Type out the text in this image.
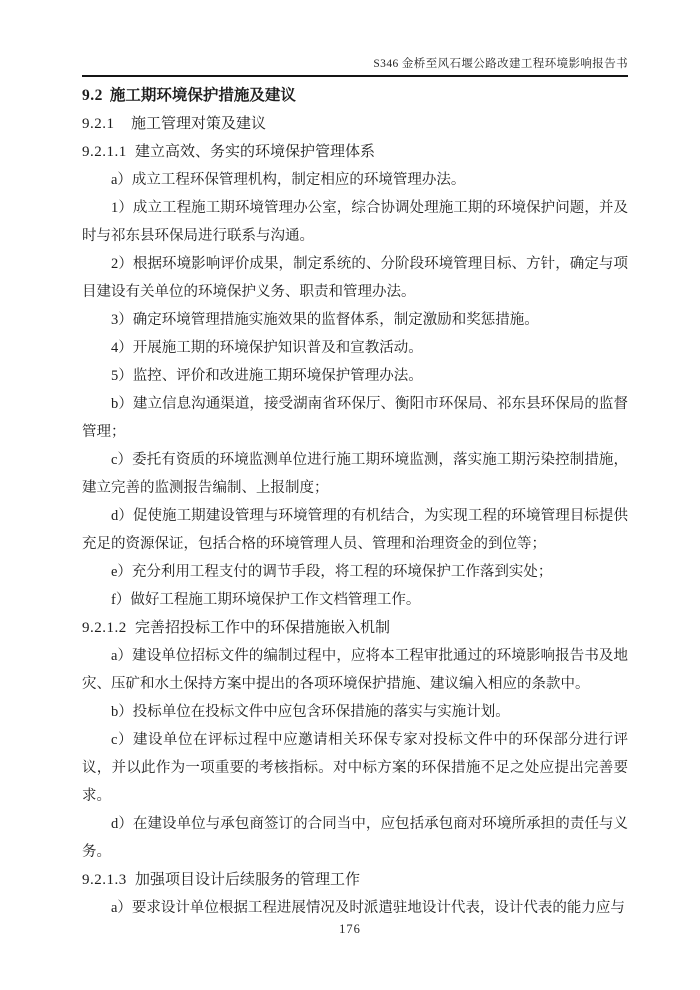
S346 金桥至风石堰公路改建工程环境影响报告书
9.2 施工期环境保护措施及建议
9.2.1 施工管理对策及建议
9.2.1.1 建立高效、务实的环境保护管理体系

a）成立工程环保管理机构，制定相应的环境管理办法。

1）成立工程施工期环境管理办公室，综合协调处理施工期的环境保护问题，并及时与祁东县环保局进行联系与沟通。

2）根据环境影响评价成果，制定系统的、分阶段环境管理目标、方针，确定与项目建设有关单位的环境保护义务、职责和管理办法。

3）确定环境管理措施实施效果的监督体系，制定激励和奖惩措施。

4）开展施工期的环境保护知识普及和宣教活动。

5）监控、评价和改进施工期环境保护管理办法。

b）建立信息沟通渠道，接受湖南省环保厅、衡阳市环保局、祁东县环保局的监督管理；

c）委托有资质的环境监测单位进行施工期环境监测，落实施工期污染控制措施，建立完善的监测报告编制、上报制度；

d）促使施工期建设管理与环境管理的有机结合，为实现工程的环境管理目标提供充足的资源保证，包括合格的环境管理人员、管理和治理资金的到位等；

e）充分利用工程支付的调节手段，将工程的环境保护工作落到实处；

f）做好工程施工期环境保护工作文档管理工作。

9.2.1.2 完善招投标工作中的环保措施嵌入机制

a）建设单位招标文件的编制过程中，应将本工程审批通过的环境影响报告书及地灾、压矿和水土保持方案中提出的各项环境保护措施、建议编入相应的条款中。

b）投标单位在投标文件中应包含环保措施的落实与实施计划。

c）建设单位在评标过程中应邀请相关环保专家对投标文件中的环保部分进行评议，并以此作为一项重要的考核指标。对中标方案的环保措施不足之处应提出完善要求。

d）在建设单位与承包商签订的合同当中，应包括承包商对环境所承担的责任与义务。

9.2.1.3 加强项目设计后续服务的管理工作

a）要求设计单位根据工程进展情况及时派遣驻地设计代表，设计代表的能力应与

176
